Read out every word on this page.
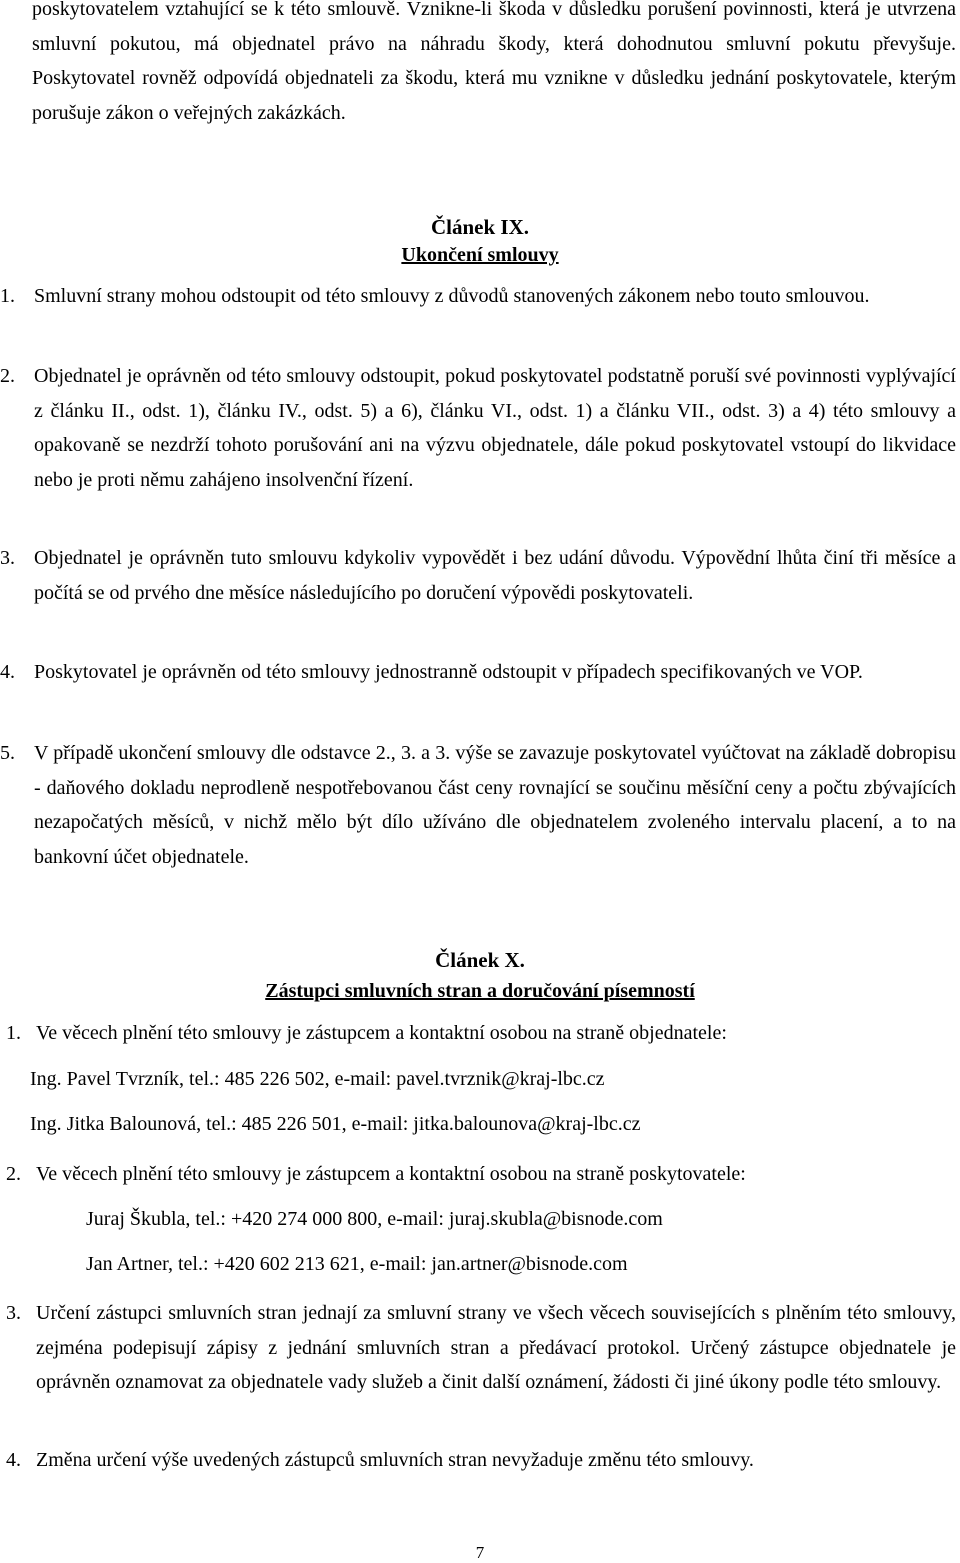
poskytovatelem vztahující se k této smlouvě. Vznikne-li škoda v důsledku porušení povinnosti, která je utvrzena smluvní pokutou, má objednatel právo na náhradu škody, která dohodnutou smluvní pokutu převyšuje. Poskytovatel rovněž odpovídá objednateli za škodu, která mu vznikne v důsledku jednání poskytovatele, kterým porušuje zákon o veřejných zakázkách.
Článek IX.
Ukončení smlouvy
1. Smluvní strany mohou odstoupit od této smlouvy z důvodů stanovených zákonem nebo touto smlouvou.
2. Objednatel je oprávněn od této smlouvy odstoupit, pokud poskytovatel podstatně poruší své povinnosti vyplývající z článku II., odst. 1), článku IV., odst. 5) a 6), článku VI., odst. 1) a článku VII., odst. 3) a 4) této smlouvy a opakovaně se nezdrží tohoto porušování ani na výzvu objednatele, dále pokud poskytovatel vstoupí do likvidace nebo je proti němu zahájeno insolvenční řízení.
3. Objednatel je oprávněn tuto smlouvu kdykoliv vypovědět i bez udání důvodu. Výpovědní lhůta činí tři měsíce a počítá se od prvého dne měsíce následujícího po doručení výpovědi poskytovateli.
4. Poskytovatel je oprávněn od této smlouvy jednostranně odstoupit v případech specifikovaných ve VOP.
5. V případě ukončení smlouvy dle odstavce 2., 3. a 3. výše se zavazuje poskytovatel vyúčtovat na základě dobropisu - daňového dokladu neprodleně nespotřebovanou část ceny rovnající se součinu měsíční ceny a počtu zbývajících nezapočatých měsíců, v nichž mělo být dílo užíváno dle objednatelem zvoleného intervalu placení, a to na bankovní účet objednatele.
Článek X.
Zástupci smluvních stran a doručování písemností
1. Ve věcech plnění této smlouvy je zástupcem a kontaktní osobou na straně objednatele:
Ing. Pavel Tvrzník, tel.: 485 226 502, e-mail: pavel.tvrznik@kraj-lbc.cz
Ing. Jitka Balounová, tel.: 485 226 501, e-mail: jitka.balounova@kraj-lbc.cz
2. Ve věcech plnění této smlouvy je zástupcem a kontaktní osobou na straně poskytovatele:
Juraj Škubla, tel.: +420 274 000 800, e-mail: juraj.skubla@bisnode.com
Jan Artner, tel.: +420 602 213 621, e-mail: jan.artner@bisnode.com
3. Určení zástupci smluvních stran jednají za smluvní strany ve všech věcech souvisejících s plněním této smlouvy, zejména podepisují zápisy z jednání smluvních stran a předávací protokol. Určený zástupce objednatele je oprávněn oznamovat za objednatele vady služeb a činit další oznámení, žádosti či jiné úkony podle této smlouvy.
4. Změna určení výše uvedených zástupců smluvních stran nevyžaduje změnu této smlouvy.
7
